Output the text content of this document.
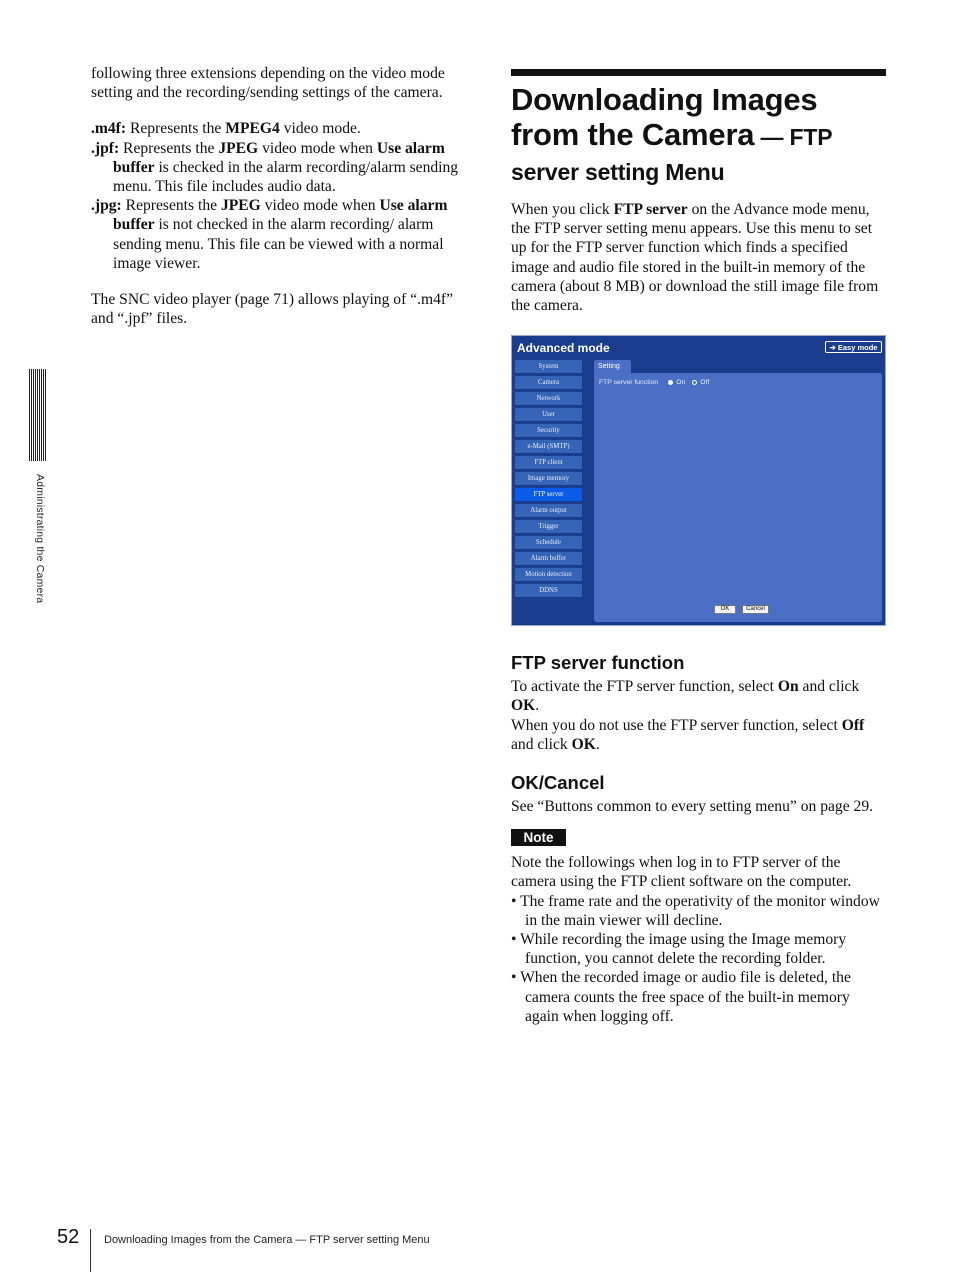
following three extensions depending on the video mode setting and the recording/sending settings of the camera.

.m4f: Represents the MPEG4 video mode.

.jpf: Represents the JPEG video mode when Use alarm buffer is checked in the alarm recording/alarm sending menu. This file includes audio data.

.jpg: Represents the JPEG video mode when Use alarm buffer is not checked in the alarm recording/ alarm sending menu. This file can be viewed with a normal image viewer.

The SNC video player (page 71) allows playing of “.m4f” and “.jpf” files.

Administrating the Camera
Downloading Images
from the Camera — FTP
server setting Menu

When you click FTP server on the Advance mode menu, the FTP server setting menu appears. Use this menu to set up for the FTP server function which finds a specified image and audio file stored in the built-in memory of the camera (about 8 MB) or download the still image file from the camera.

FTP server function

To activate the FTP server function, select On and click OK.
When you do not use the FTP server function, select Off and click OK.

OK/Cancel

See “Buttons common to every setting menu” on page 29.

Note

Note the followings when log in to FTP server of the camera using the FTP client software on the computer.

• The frame rate and the operativity of the monitor window in the main viewer will decline.
• While recording the image using the Image memory function, you cannot delete the recording folder.
• When the recorded image or audio file is deleted, the camera counts the free space of the built-in memory again when logging off.
Advanced mode	➔ Easy mode
System
Camera
Network
User
Security
e-Mail (SMTP)
FTP client
Image memory
FTP server
Alarm output
Trigger
Schedule
Alarm buffer
Motion detection
DDNS
Setting
FTP server function	On Off
OK	Cancel
52 Downloading Images from the Camera — FTP server setting Menu
